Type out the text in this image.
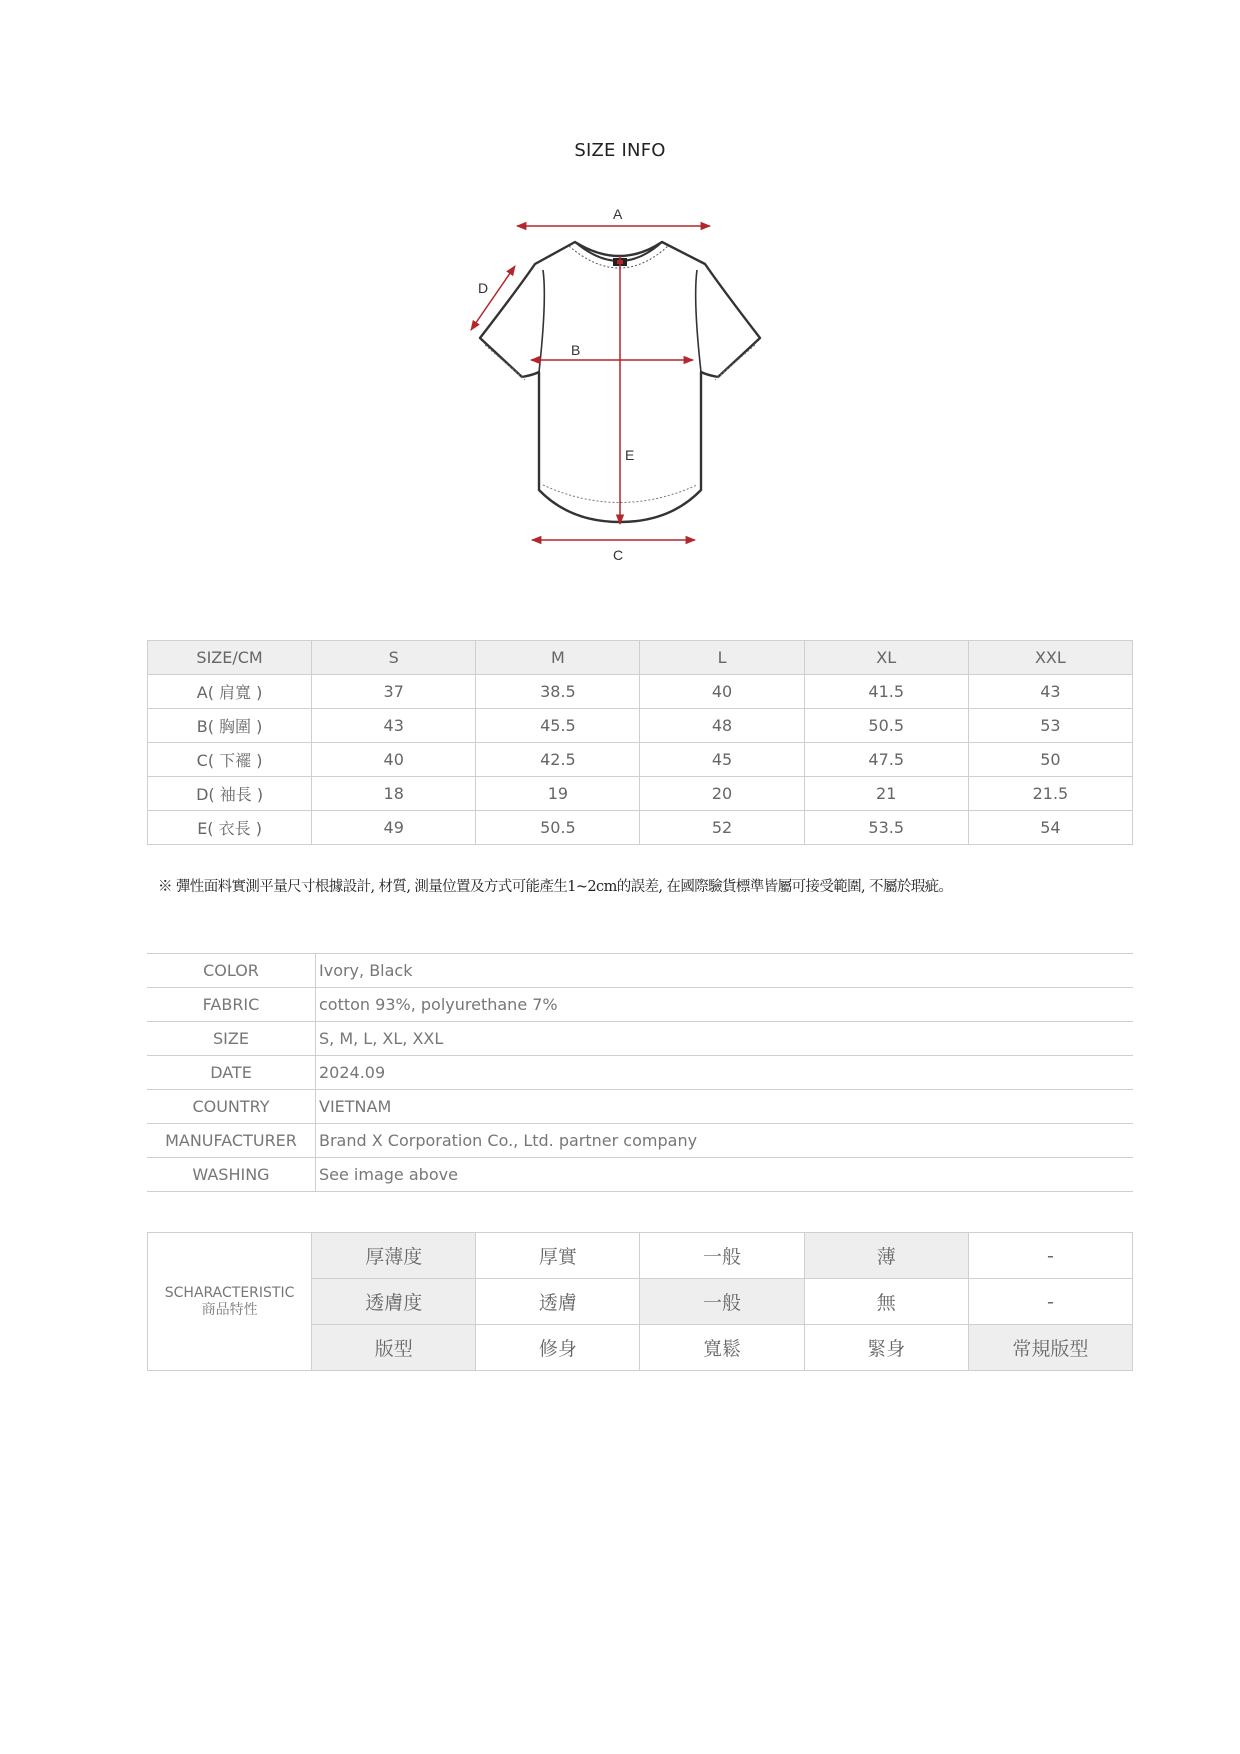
SIZE INFO
A
B
C
D
E
SIZE/CM	S	M	L	XL	XXL
A( 肩寬 )	37	38.5	40	41.5	43
B( 胸圍 )	43	45.5	48	50.5	53
C( 下襬 )	40	42.5	45	47.5	50
D( 袖長 )	18	19	20	21	21.5
E( 衣長 )	49	50.5	52	53.5	54
※ 彈性面料實測平量尺寸根據設計, 材質, 測量位置及方式可能產生1~2cm的誤差, 在國際驗貨標準皆屬可接受範圍, 不屬於瑕疵。
COLOR	Ivory, Black
FABRIC	cotton 93%, polyurethane 7%
SIZE	S, M, L, XL, XXL
DATE	2024.09
COUNTRY	VIETNAM
MANUFACTURER	Brand X Corporation Co., Ltd. partner company
WASHING	See image above
SCHARACTERISTIC
商品特性	厚薄度	厚實	一般	薄	-
	透膚度	透膚	一般	無	-
	版型	修身	寬鬆	緊身	常規版型
